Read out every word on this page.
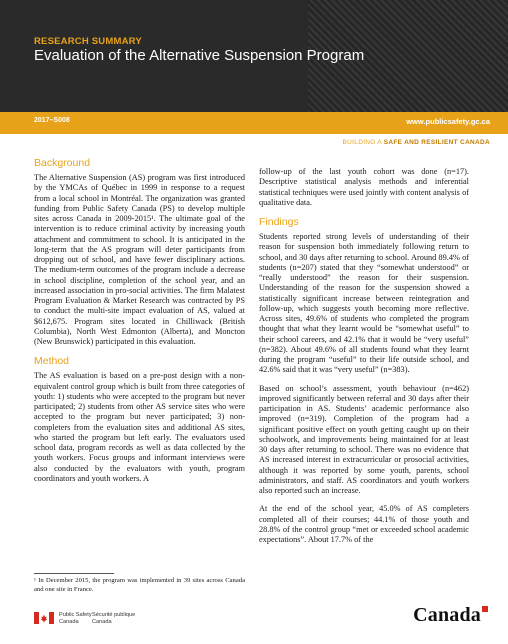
RESEARCH SUMMARY
Evaluation of the Alternative Suspension Program
2017–S008	www.publicsafety.gc.ca
BUILDING A SAFE AND RESILIENT CANADA
Background

The Alternative Suspension (AS) program was first introduced by the YMCAs of Québec in 1999 in response to a request from a local school in Montréal. The organization was granted funding from Public Safety Canada (PS) to develop multiple sites across Canada in 2009-2015¹. The ultimate goal of the intervention is to reduce criminal activity by increasing youth attachment and commitment to school. It is anticipated in the long-term that the AS program will deter participants from dropping out of school, and have fewer disciplinary actions. The medium-term outcomes of the program include a decrease in school discipline, completion of the school year, and an increased association in pro-social activities. The firm Malatest Program Evaluation & Market Research was contracted by PS to conduct the multi-site impact evaluation of AS, valued at $612,675. Program sites located in Chilliwack (British Columbia), North West Edmonton (Alberta), and Moncton (New Brunswick) participated in this evaluation.

Method

The AS evaluation is based on a pre-post design with a non-equivalent control group which is built from three categories of youth: 1) students who were accepted to the program but never participated; 2) students from other AS service sites who were accepted to the program but never participated; 3) non-completers from the evaluation sites and additional AS sites, who started the program but left early. The evaluators used school data, program records as well as data collected by the youth workers. Focus groups and informant interviews were also conducted by the evaluators with youth, program coordinators and youth workers. A

follow-up of the last youth cohort was done (n=17). Descriptive statistical analysis methods and inferential statistical techniques were used jointly with content analysis of qualitative data.

Findings

Students reported strong levels of understanding of their reason for suspension both immediately following return to school, and 30 days after returning to school. Around 89.4% of students (n=207) stated that they “somewhat understood” or “really understood” the reason for their suspension. Understanding of the reason for the suspension showed a statistically significant increase between reintegration and follow-up, which suggests youth becoming more reflective. Across sites, 49.6% of students who completed the program thought that what they learnt would be “somewhat useful” to their school careers, and 42.1% that it would be “very useful” (n=382). About 49.6% of all students found what they learnt during the program “useful” to their life outside school, and 42.6% said that it was “very useful” (n=383).

Based on school’s assessment, youth behaviour (n=462) improved significantly between referral and 30 days after their participation in AS. Students’ academic performance also improved (n=319). Completion of the program had a significant positive effect on youth getting caught up on their schoolwork, and improvements being maintained for at least 30 days after returning to school. There was no evidence that AS increased interest in extracurricular or prosocial activities, although it was reported by some youth, parents, school administrators, and staff. AS coordinators and youth workers also reported such an increase.

At the end of the school year, 45.0% of AS completers completed all of their courses; 44.1% of those youth and 28.8% of the control group “met or exceeded school academic expectations”. About 17.7% of the

¹ In December 2015, the program was implemented in 39 sites across Canada and one site in France.
Public Safety
Canada
Sécurité publique
Canada	Canada
